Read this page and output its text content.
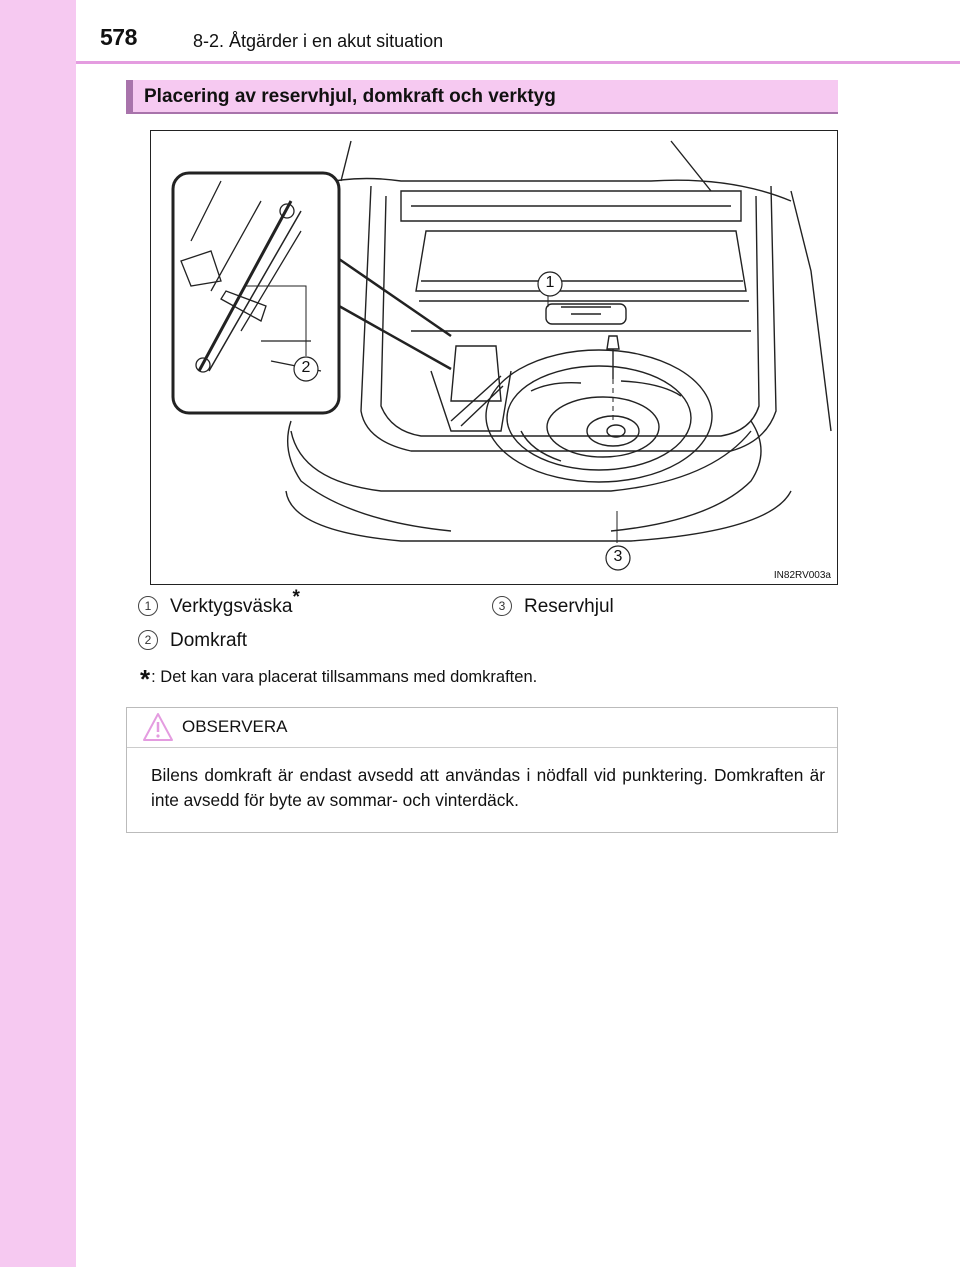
578	8-2. Åtgärder i en akut situation
Placering av reservhjul, domkraft och verktyg
1
2
3
IN82RV003a
1 Verktygsväska*
2 Domkraft
3 Reservhjul
*: Det kan vara placerat tillsammans med domkraften.
OBSERVERA
Bilens domkraft är endast avsedd att användas i nödfall vid punktering. Domkraften är inte avsedd för byte av sommar- och vinterdäck.
